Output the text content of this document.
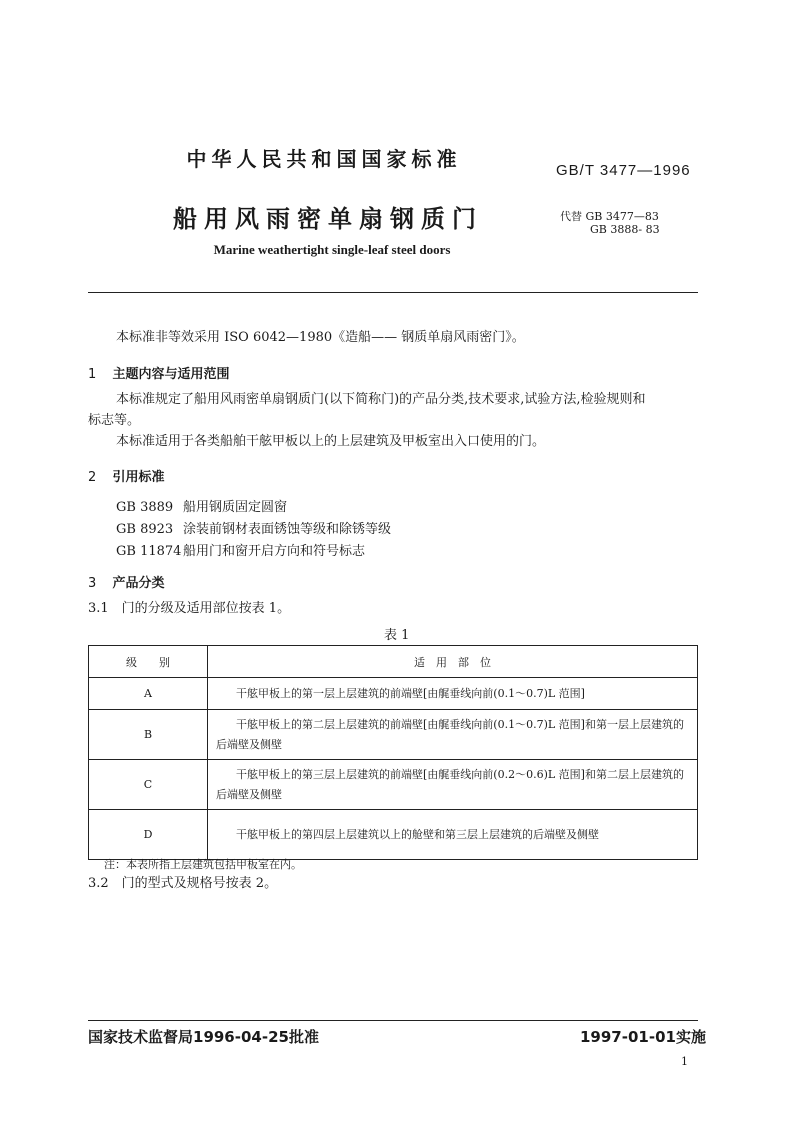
中华人民共和国国家标准	GB/T 3477—1996
船用风雨密单扇钢质门	代替 GB 3477—83
GB 3888- 83
Marine weathertight single-leaf steel doors
本标准非等效采用 ISO 6042—1980《造船—— 钢质单扇风雨密门》。
1 主题内容与适用范围
本标准规定了船用风雨密单扇钢质门(以下简称门)的产品分类,技术要求,试验方法,检验规则和
标志等。
本标准适用于各类船舶干舷甲板以上的上层建筑及甲板室出入口使用的门。
2 引用标准
GB 3889 船用钢质固定圆窗
GB 8923 涂装前钢材表面锈蚀等级和除锈等级
GB 11874 船用门和窗开启方向和符号标志
3 产品分类
3.1　门的分级及适用部位按表 1。
表 1
级　　别	适　用　部　位
A	干舷甲板上的第一层上层建筑的前端壁[由艉垂线向前(0.1～0.7)L 范围]
B	干舷甲板上的第二层上层建筑的前端壁[由艉垂线向前(0.1～0.7)L 范围]和第一层上层建筑的后端壁及侧壁
C	干舷甲板上的第三层上层建筑的前端壁[由艉垂线向前(0.2～0.6)L 范围]和第二层上层建筑的后端壁及侧壁
D	干舷甲板上的第四层上层建筑以上的舱壁和第三层上层建筑的后端壁及侧壁
注：本表所指上层建筑包括甲板室在内。
3.2　门的型式及规格号按表 2。
国家技术监督局1996-04-25批准	1997-01-01实施
1
